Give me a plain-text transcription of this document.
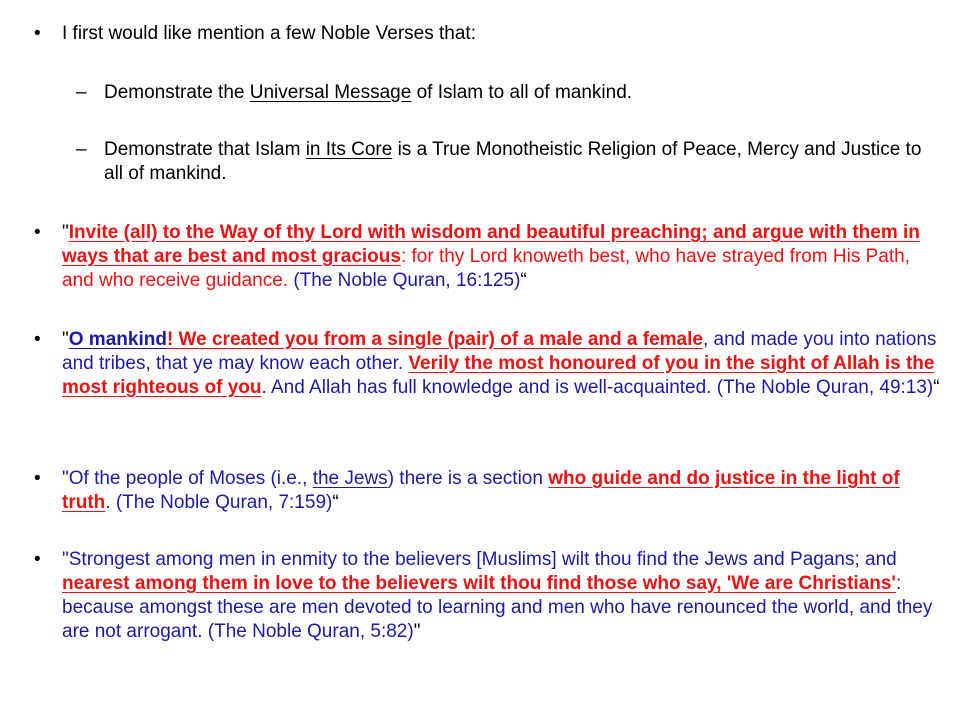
• I first would like mention a few Noble Verses that:
– Demonstrate the Universal Message of Islam to all of mankind.
– Demonstrate that Islam in Its Core is a True Monotheistic Religion of Peace, Mercy and Justice to all of mankind.
• "Invite (all) to the Way of thy Lord with wisdom and beautiful preaching; and argue with them in ways that are best and most gracious: for thy Lord knoweth best, who have strayed from His Path, and who receive guidance. (The Noble Quran, 16:125)“
• "O mankind! We created you from a single (pair) of a male and a female, and made you into nations and tribes, that ye may know each other. Verily the most honoured of you in the sight of Allah is the most righteous of you. And Allah has full knowledge and is well-acquainted. (The Noble Quran, 49:13)“
• "Of the people of Moses (i.e., the Jews) there is a section who guide and do justice in the light of truth. (The Noble Quran, 7:159)“
• "Strongest among men in enmity to the believers [Muslims] wilt thou find the Jews and Pagans; and nearest among them in love to the believers wilt thou find those who say, 'We are Christians': because amongst these are men devoted to learning and men who have renounced the world, and they are not arrogant. (The Noble Quran, 5:82)"
